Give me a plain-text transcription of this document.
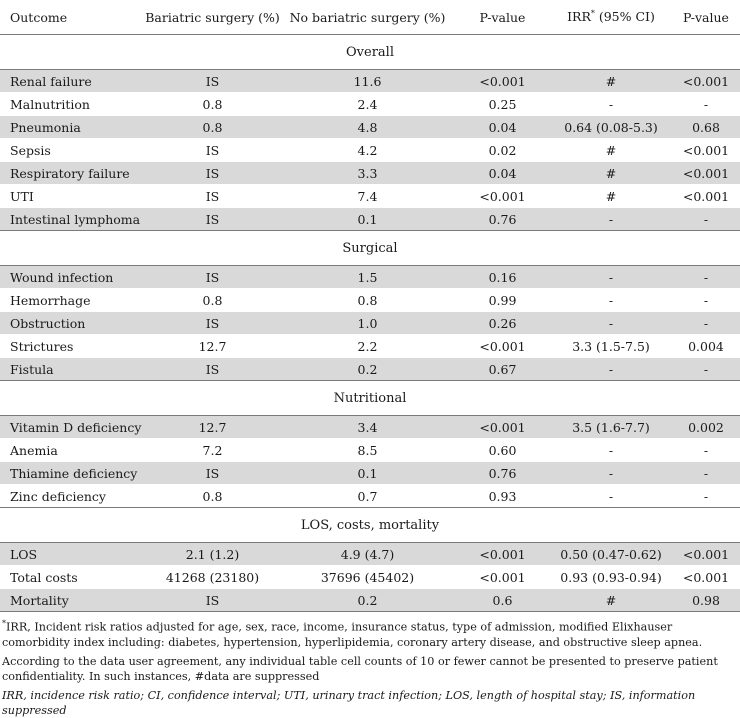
Outcome	Bariatric surgery (%)	No bariatric surgery (%)	P-value	IRR* (95% CI)	P-value
Overall					
Renal failure	IS	11.6	<0.001	#	<0.001
Malnutrition	0.8	2.4	0.25	-	-
Pneumonia	0.8	4.8	0.04	0.64 (0.08-5.3)	0.68
Sepsis	IS	4.2	0.02	#	<0.001
Respiratory failure	IS	3.3	0.04	#	<0.001
UTI	IS	7.4	<0.001	#	<0.001
Intestinal lymphoma	IS	0.1	0.76	-	-
Surgical					
Wound infection	IS	1.5	0.16	-	-
Hemorrhage	0.8	0.8	0.99	-	-
Obstruction	IS	1.0	0.26	-	-
Strictures	12.7	2.2	<0.001	3.3 (1.5-7.5)	0.004
Fistula	IS	0.2	0.67	-	-
Nutritional					
Vitamin D deficiency	12.7	3.4	<0.001	3.5 (1.6-7.7)	0.002
Anemia	7.2	8.5	0.60	-	-
Thiamine deficiency	IS	0.1	0.76	-	-
Zinc deficiency	0.8	0.7	0.93	-	-
LOS, costs, mortality					
LOS	2.1 (1.2)	4.9 (4.7)	<0.001	0.50 (0.47-0.62)	<0.001
Total costs	41268 (23180)	37696 (45402)	<0.001	0.93 (0.93-0.94)	<0.001
Mortality	IS	0.2	0.6	#	0.98

*IRR, Incident risk ratios adjusted for age, sex, race, income, insurance status, type of admission, modified Elixhauser comorbidity index including: diabetes, hypertension, hyperlipidemia, coronary artery disease, and obstructive sleep apnea.

According to the data user agreement, any individual table cell counts of 10 or fewer cannot be presented to preserve patient confidentiality. In such instances, #data are suppressed

IRR, incidence risk ratio; CI, confidence interval; UTI, urinary tract infection; LOS, length of hospital stay; IS, information suppressed
